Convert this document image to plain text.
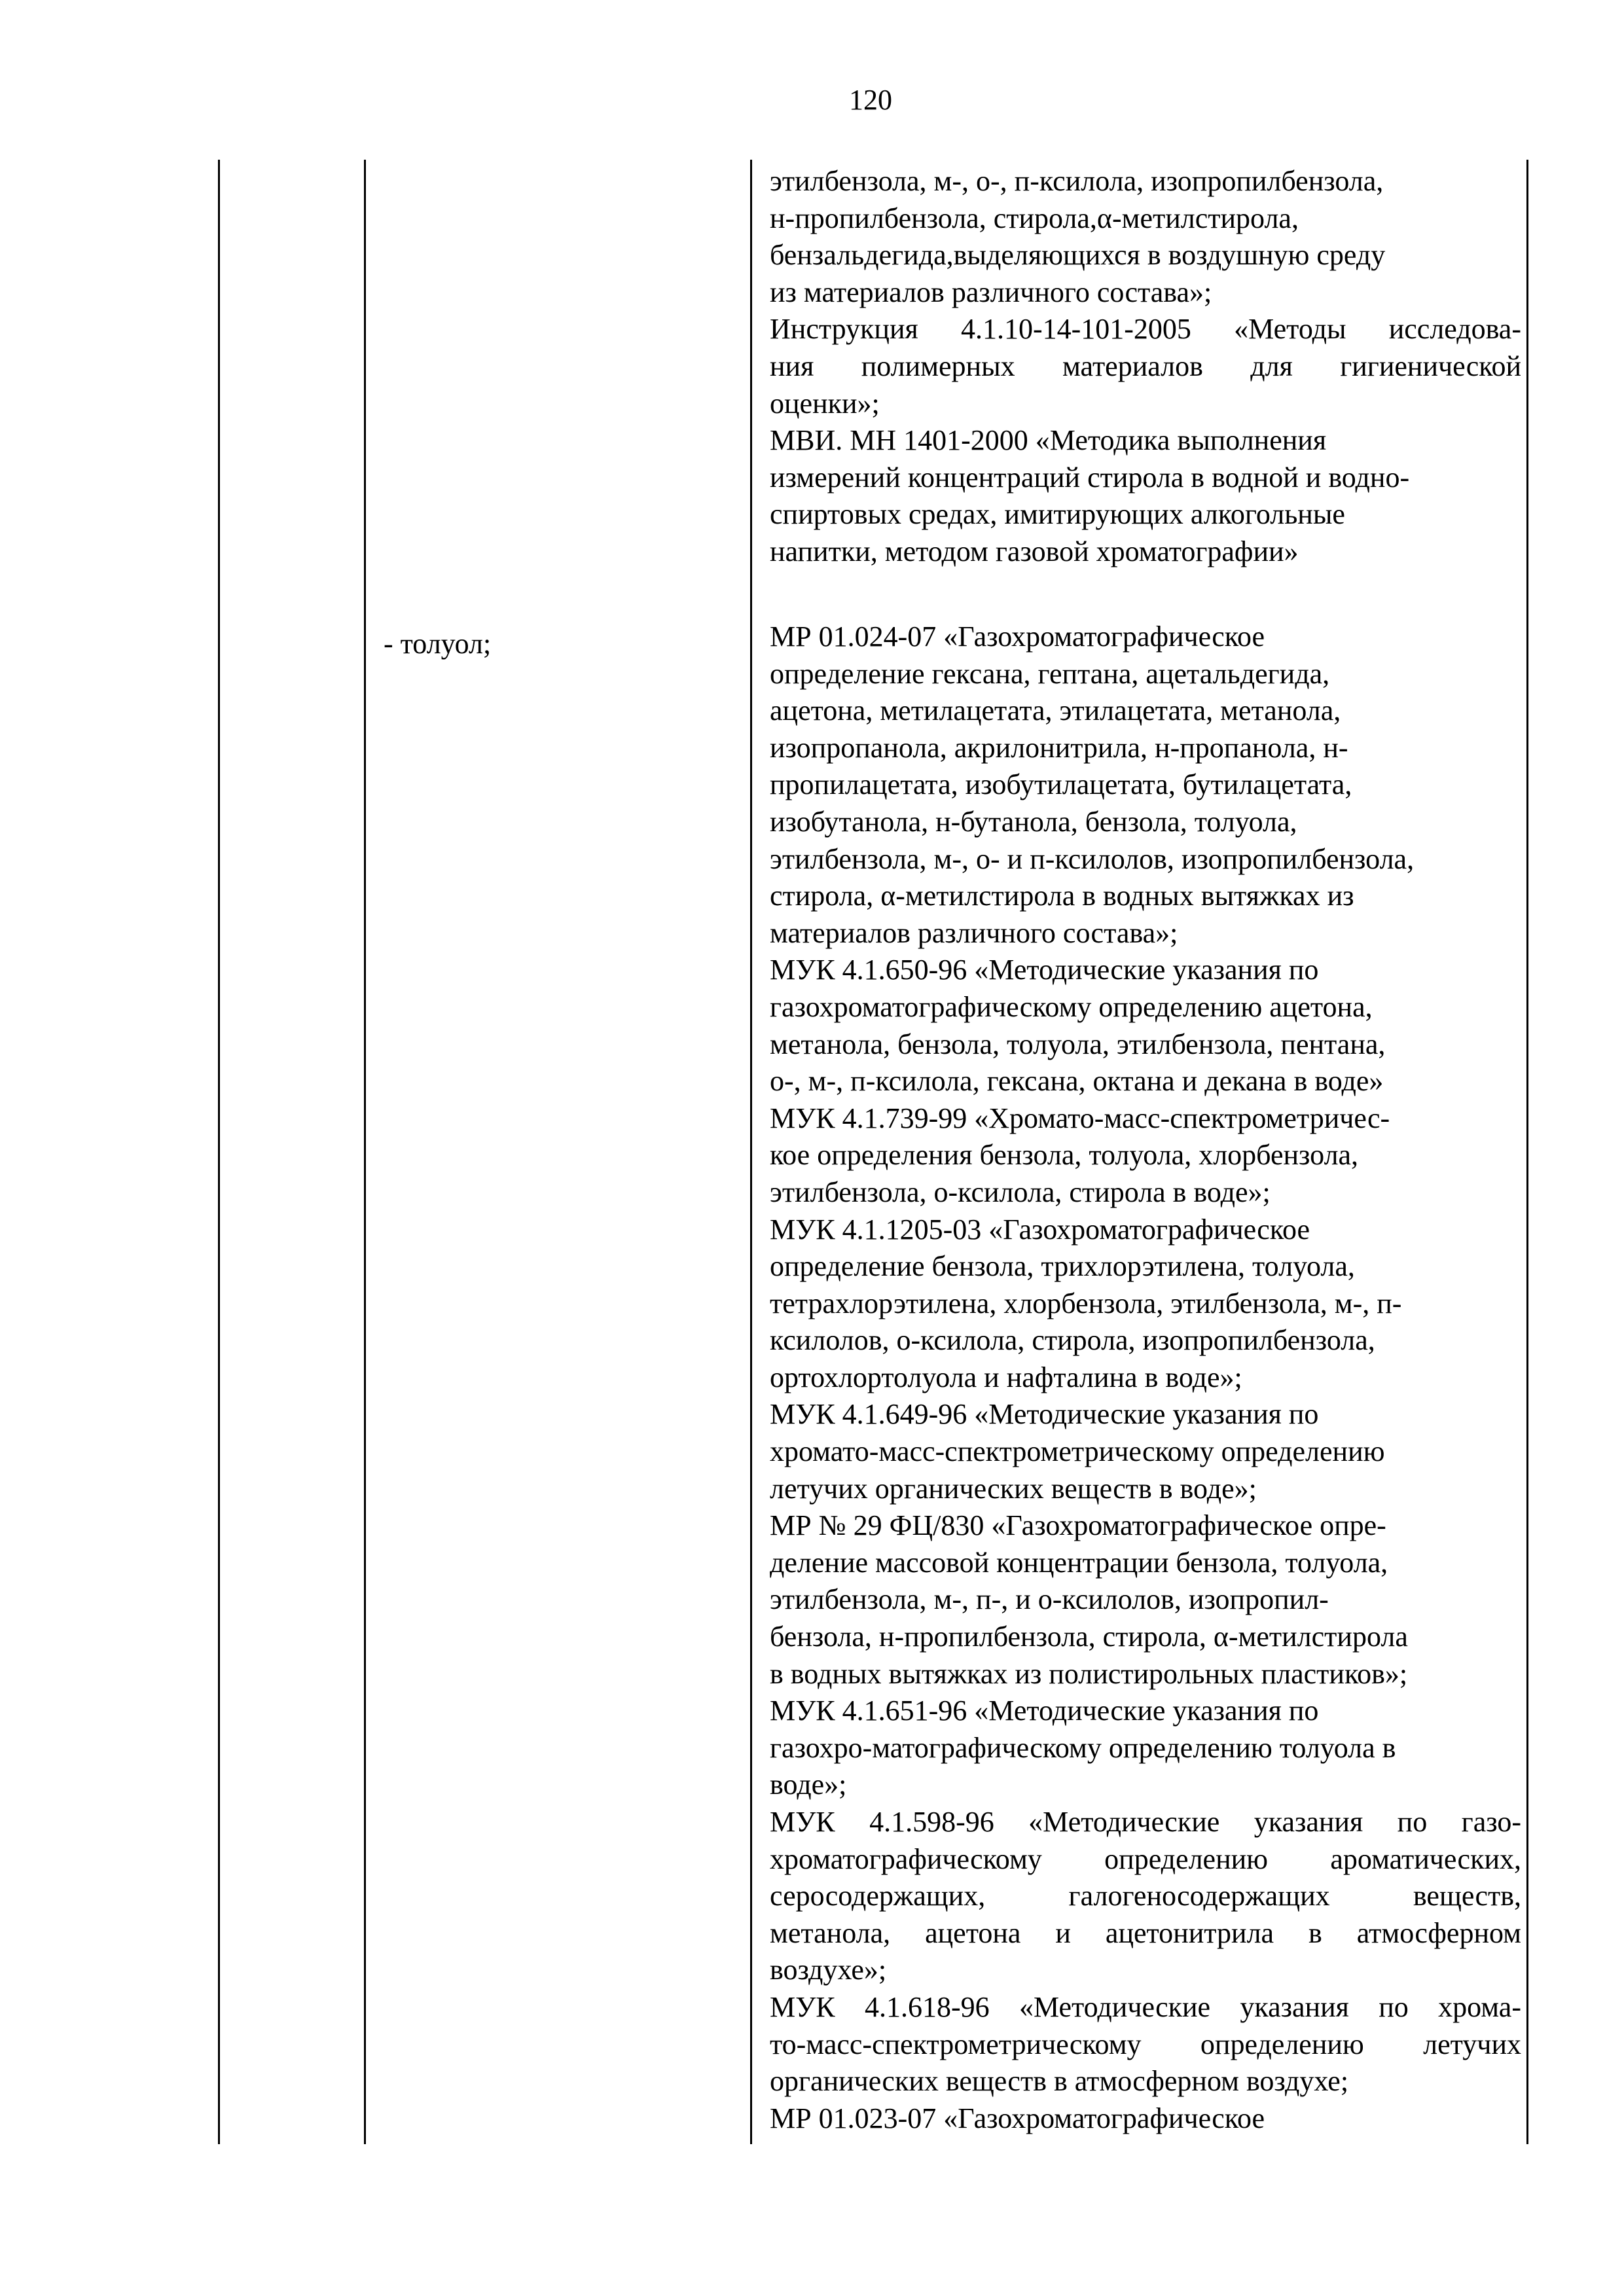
120
- толуол;
этилбензола, м-, о-, п-ксилола, изопропилбензола,
н-пропилбензола, стирола,α-метилстирола,
бензальдегида,выделяющихся в воздушную среду
из материалов различного состава»;
Инструкция 4.1.10-14-101-2005 «Методы исследова-
ния полимерных материалов для гигиенической
оценки»;
МВИ. МН 1401-2000 «Методика выполнения
измерений концентраций стирола в водной и водно-
спиртовых средах, имитирующих алкогольные
напитки, методом газовой хроматографии»
МР 01.024-07 «Газохроматографическое
определение гексана, гептана, ацетальдегида,
ацетона, метилацетата, этилацетата, метанола,
изопропанола, акрилонитрила, н-пропанола, н-
пропилацетата, изобутилацетата, бутилацетата,
изобутанола, н-бутанола, бензола, толуола,
этилбензола, м-, о- и п-ксилолов, изопропилбензола,
стирола, α-метилстирола в водных вытяжках из
материалов различного состава»;
МУК 4.1.650-96 «Методические указания по
газохроматографическому определению ацетона,
метанола, бензола, толуола, этилбензола, пентана,
о-, м-, п-ксилола, гексана, октана и декана в воде»
МУК 4.1.739-99 «Хромато-масс-спектрометричес-
кое определения бензола, толуола, хлорбензола,
этилбензола, о-ксилола, стирола в воде»;
МУК 4.1.1205-03 «Газохроматографическое
определение бензола, трихлорэтилена, толуола,
тетрахлорэтилена, хлорбензола, этилбензола, м-, п-
ксилолов, о-ксилола, стирола, изопропилбензола,
ортохлортолуола и нафталина в воде»;
МУК 4.1.649-96 «Методические указания по
хромато-масс-спектрометрическому определению
летучих органических веществ в воде»;
МР № 29 ФЦ/830 «Газохроматографическое опре-
деление массовой концентрации бензола, толуола,
этилбензола, м-, п-, и о-ксилолов, изопропил-
бензола, н-пропилбензола, стирола, α-метилстирола
в водных вытяжках из полистирольных пластиков»;
МУК 4.1.651-96 «Методические указания по
газохро-матографическому определению толуола в
воде»;
МУК 4.1.598-96 «Методические указания по газо-
хроматографическому определению ароматических,
серосодержащих, галогеносодержащих веществ,
метанола, ацетона и ацетонитрила в атмосферном
воздухе»;
МУК 4.1.618-96 «Методические указания по хрома-
то-масс-спектрометрическому определению летучих
органических веществ в атмосферном воздухе;
МР 01.023-07 «Газохроматографическое
